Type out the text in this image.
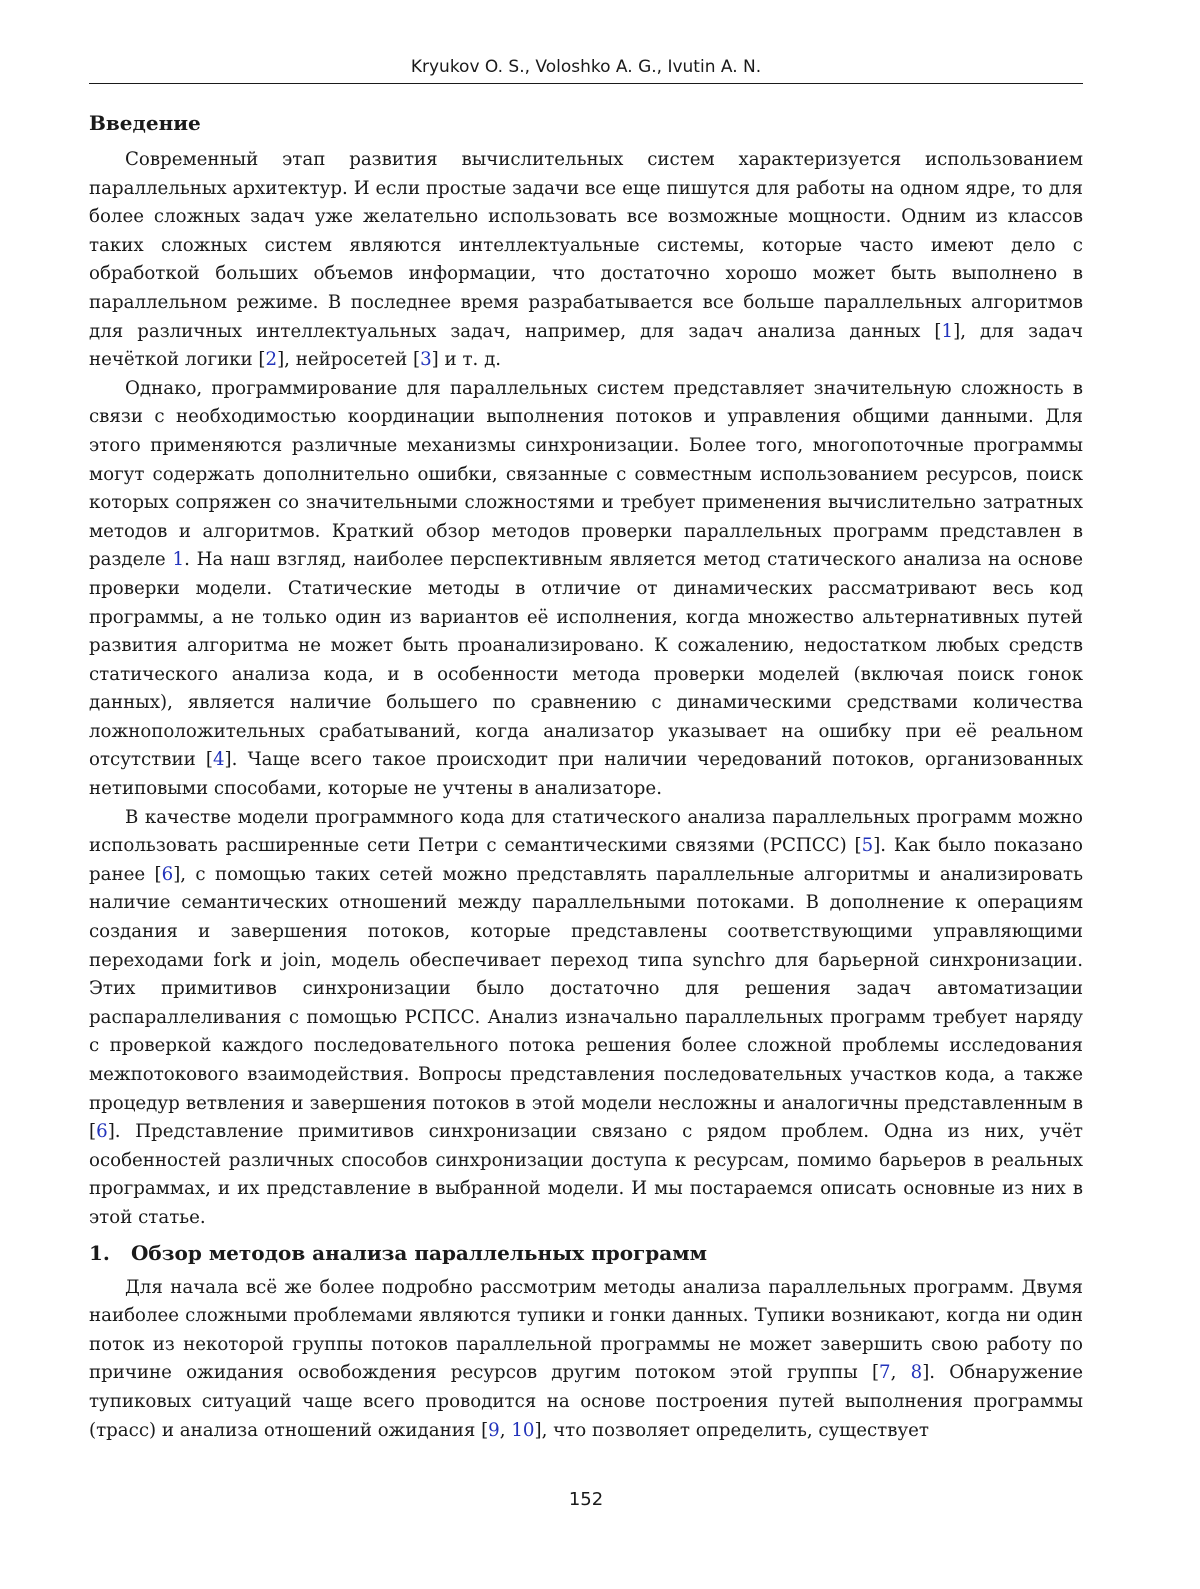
Kryukov O. S., Voloshko A. G., Ivutin A. N.
Введение

Современный этап развития вычислительных систем характеризуется использованием параллельных архитектур. И если простые задачи все еще пишутся для работы на одном ядре, то для более сложных задач уже желательно использовать все возможные мощности. Одним из классов таких сложных систем являются интеллектуальные системы, которые часто имеют дело с обработкой больших объемов информации, что достаточно хорошо может быть выполнено в параллельном режиме. В последнее время разрабатывается все больше параллельных алгоритмов для различных интеллектуальных задач, например, для задач анализа данных [1], для задач нечёткой логики [2], нейросетей [3] и т. д.

Однако, программирование для параллельных систем представляет значительную сложность в связи с необходимостью координации выполнения потоков и управления общими данными. Для этого применяются различные механизмы синхронизации. Более того, многопоточные программы могут содержать дополнительно ошибки, связанные с совместным использованием ресурсов, поиск которых сопряжен со значительными сложностями и требует применения вычислительно затратных методов и алгоритмов. Краткий обзор методов проверки параллельных программ представлен в разделе 1. На наш взгляд, наиболее перспективным является метод статического анализа на основе проверки модели. Статические методы в отличие от динамических рассматривают весь код программы, а не только один из вариантов её исполнения, когда множество альтернативных путей развития алгоритма не может быть проанализировано. К сожалению, недостатком любых средств статического анализа кода, и в особенности метода проверки моделей (включая поиск гонок данных), является наличие большего по сравнению с динамическими средствами количества ложноположительных срабатываний, когда анализатор указывает на ошибку при её реальном отсутствии [4]. Чаще всего такое происходит при наличии чередований потоков, организованных нетиповыми способами, которые не учтены в анализаторе.

В качестве модели программного кода для статического анализа параллельных программ можно использовать расширенные сети Петри с семантическими связями (РСПСС) [5]. Как было показано ранее [6], с помощью таких сетей можно представлять параллельные алгоритмы и анализировать наличие семантических отношений между параллельными потоками. В дополнение к операциям создания и завершения потоков, которые представлены соответствующими управляющими переходами fork и join, модель обеспечивает переход типа synchro для барьерной синхронизации. Этих примитивов синхронизации было достаточно для решения задач автоматизации распараллеливания с помощью РСПСС. Анализ изначально параллельных программ требует наряду с проверкой каждого последовательного потока решения более сложной проблемы исследования межпотокового взаимодействия. Вопросы представления последовательных участков кода, а также процедур ветвления и завершения потоков в этой модели несложны и аналогичны представленным в [6]. Представление примитивов синхронизации связано с рядом проблем. Одна из них, учёт особенностей различных способов синхронизации доступа к ресурсам, помимо барьеров в реальных программах, и их представление в выбранной модели. И мы постараемся описать основные из них в этой статье.

1. Обзор методов анализа параллельных программ

Для начала всё же более подробно рассмотрим методы анализа параллельных программ. Двумя наиболее сложными проблемами являются тупики и гонки данных. Тупики возникают, когда ни один поток из некоторой группы потоков параллельной программы не может завершить свою работу по причине ожидания освобождения ресурсов другим потоком этой группы [7, 8]. Обнаружение тупиковых ситуаций чаще всего проводится на основе построения путей выполнения программы (трасс) и анализа отношений ожидания [9, 10], что позволяет определить, существует

152
